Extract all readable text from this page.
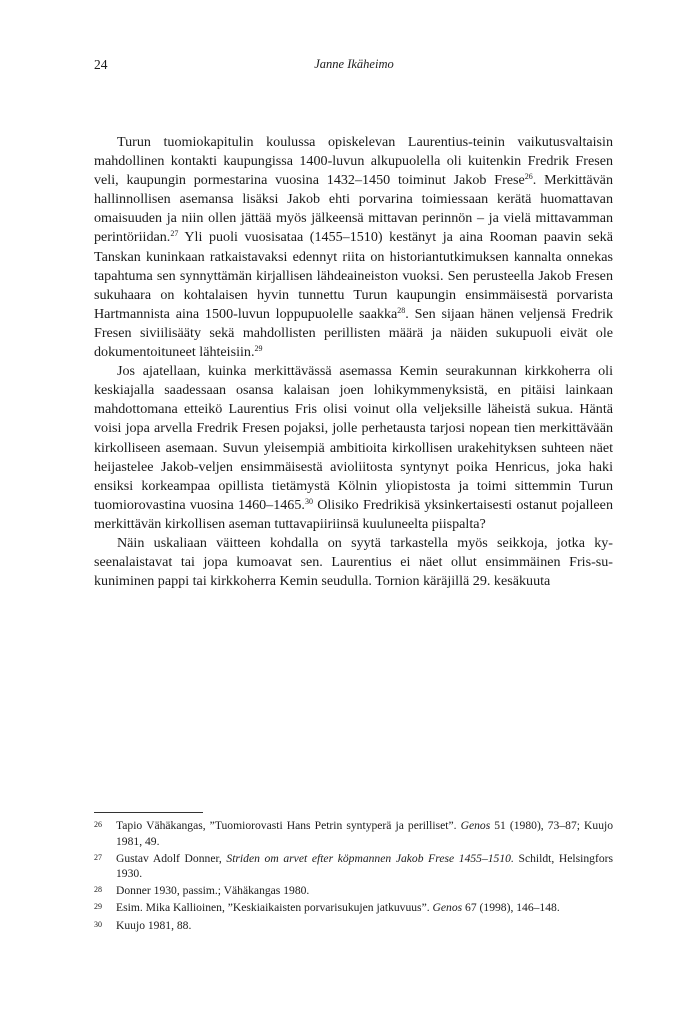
24	Janne Ikäheimo

Turun tuomiokapitulin koulussa opiskelevan Laurentius-teinin vaikutusvaltaisin mahdollinen kontakti kaupungissa 1400-luvun alkupuolella oli kuitenkin Fredrik Fresen veli, kaupungin pormestarina vuosina 1432–1450 toiminut Jakob Frese$^{26}$. Merkittävän hallinnollisen asemansa lisäksi Jakob ehti porvarina toimiessaan kerätä huomattavan omaisuuden ja niin ollen jättää myös jälkeensä mittavan perinnön – ja vielä mittavamman perintöriidan.$^{27}$ Yli puoli vuosisataa (1455–1510) kestänyt ja aina Rooman paavin sekä Tanskan kuninkaan ratkaistavaksi edennyt riita on historiantutkimuksen kannalta onnekas tapahtuma sen synnyttämän kirjallisen lähdeaineiston vuoksi. Sen perusteella Jakob Fresen sukuhaara on kohtalaisen hyvin tunnettu Turun kaupungin ensimmäisestä porvarista Hartmannista aina 1500-luvun loppupuolelle saakka$^{28}$. Sen sijaan hänen veljensä Fredrik Fresen siviilisääty sekä mahdollisten perillisten määrä ja näiden sukupuoli eivät ole dokumentoituneet lähteisiin.$^{29}$

Jos ajatellaan, kuinka merkittävässä asemassa Kemin seurakunnan kirkkoherra oli keskiajalla saadessaan osansa kalaisan joen lohikymmenyksistä, en pitäisi lainkaan mahdottomana etteikö Laurentius Fris olisi voinut olla veljeksille läheistä sukua. Häntä voisi jopa arvella Fredrik Fresen pojaksi, jolle perhetausta tarjosi nopean tien merkittävään kirkolliseen asemaan. Suvun yleisempiä ambitioita kirkollisen urakehityksen suhteen näet heijastelee Jakob-veljen ensimmäisestä avioliitosta syntynyt poika Henricus, joka haki ensiksi korkeampaa opillista tietämystä Kölnin yliopistosta ja toimi sittemmin Turun tuomiorovastina vuosina 1460–1465.30 Olisiko Fredrikisä yksinkertaisesti ostanut pojalleen merkittävän kirkollisen aseman tuttavapiiriinsä kuuluneelta piispalta?

Näin uskaliaan väitteen kohdalla on syytä tarkastella myös seikkoja, jotka kyseenalaistavat tai jopa kumoavat sen. Laurentius ei näet ollut ensimmäinen Fris-sukuniminen pappi tai kirkkoherra Kemin seudulla. Tornion käräjillä 29. kesäkuuta

26 Tapio Vähäkangas, ”Tuomiorovasti Hans Petrin syntyperä ja perilliset”. Genos 51 (1980), 73–87; Kuujo 1981, 49.
27 Gustav Adolf Donner, Striden om arvet efter köpmannen Jakob Frese 1455–1510. Schildt, Helsingfors 1930.
28 Donner 1930, passim.; Vähäkangas 1980.
29 Esim. Mika Kallioinen, ”Keskiaikaisten porvarisukujen jatkuvuus”. Genos 67 (1998), 146–148.
30 Kuujo 1981, 88.
